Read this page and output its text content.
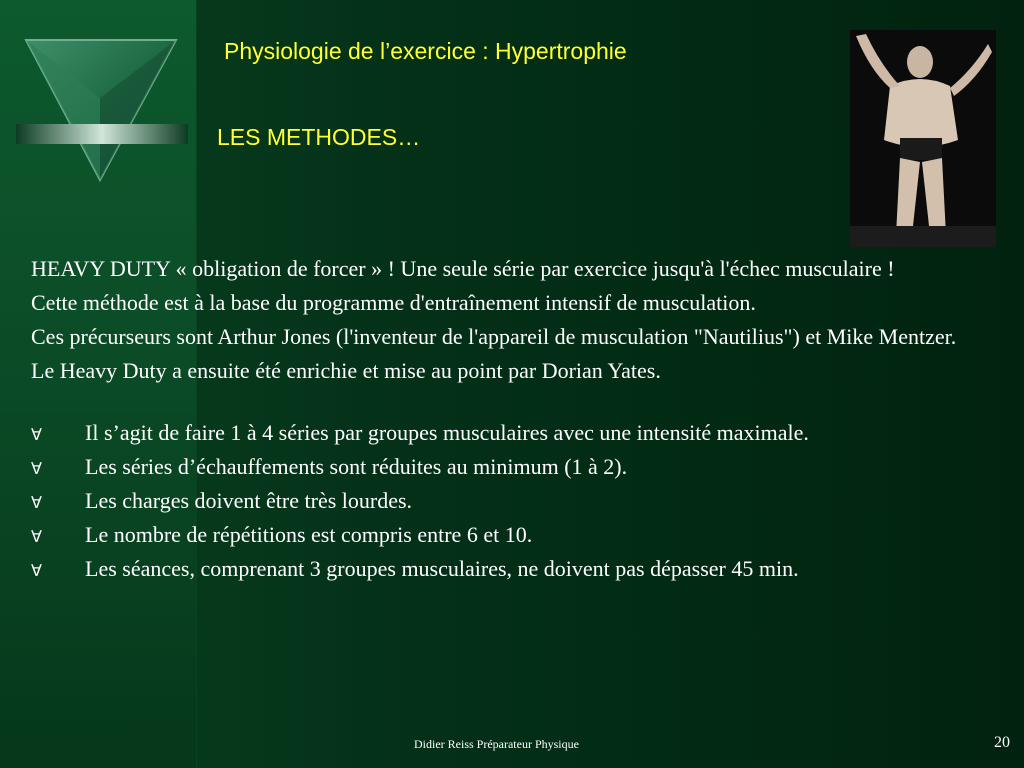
Physiologie de l’exercice : Hypertrophie
LES METHODES…
HEAVY DUTY « obligation de forcer » ! Une seule série par exercice jusqu'à l'échec musculaire !
Cette méthode est à la base du programme d'entraînement intensif de musculation.
Ces précurseurs sont Arthur Jones (l'inventeur de l'appareil de musculation "Nautilius") et Mike Mentzer.
Le Heavy Duty a ensuite été enrichie et mise au point par Dorian Yates.
∀ Il s’agit de faire 1 à 4 séries par groupes musculaires avec une intensité maximale.
∀ Les séries d’échauffements sont réduites au minimum (1 à 2).
∀ Les charges doivent être très lourdes.
∀ Le nombre de répétitions est compris entre 6 et 10.
∀ Les séances, comprenant 3 groupes musculaires, ne doivent pas dépasser 45 min.
Didier Reiss Préparateur Physique	20
